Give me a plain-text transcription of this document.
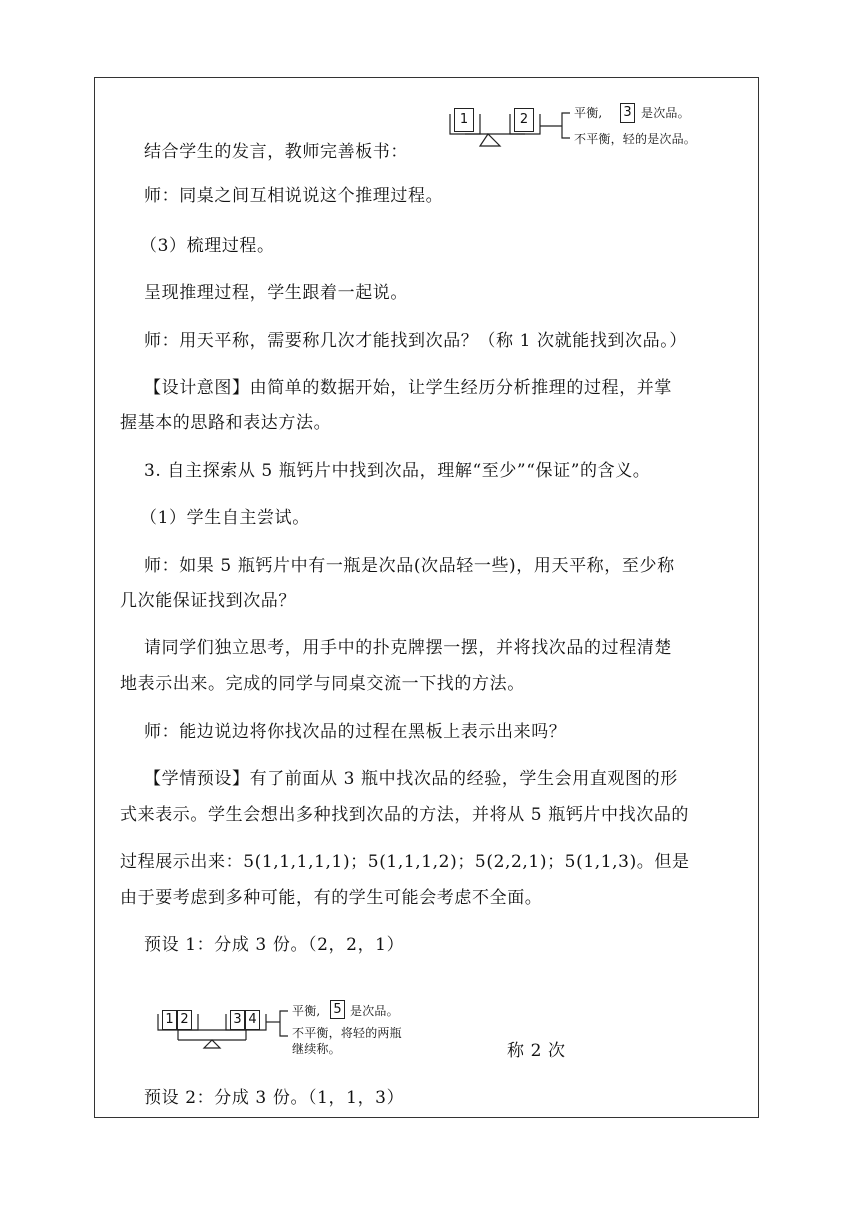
结合学生的发言，教师完善板书：
1	2	平衡, 3 是次品。
不平衡，轻的是次品。
师：同桌之间互相说说这个推理过程。
（3）梳理过程。
呈现推理过程，学生跟着一起说。
师：用天平称，需要称几次才能找到次品？（称 1 次就能找到次品。）
【设计意图】由简单的数据开始，让学生经历分析推理的过程，并掌
握基本的思路和表达方法。
3. 自主探索从 5 瓶钙片中找到次品，理解“至少”“保证”的含义。
（1）学生自主尝试。
师：如果 5 瓶钙片中有一瓶是次品(次品轻一些)，用天平称，至少称
几次能保证找到次品？
请同学们独立思考，用手中的扑克牌摆一摆，并将找次品的过程清楚
地表示出来。完成的同学与同桌交流一下找的方法。
师：能边说边将你找次品的过程在黑板上表示出来吗？
【学情预设】有了前面从 3 瓶中找次品的经验，学生会用直观图的形
式来表示。学生会想出多种找到次品的方法，并将从 5 瓶钙片中找次品的
过程展示出来：5(1,1,1,1,1)；5(1,1,1,2)；5(2,2,1)；5(1,1,3)。但是
由于要考虑到多种可能，有的学生可能会考虑不全面。
预设 1：分成 3 份。（2，2，1）
1 2	3 4
平衡, 5 是次品。
不平衡，将轻的两瓶
继续称。	称 2 次
预设 2：分成 3 份。（1，1，3）
